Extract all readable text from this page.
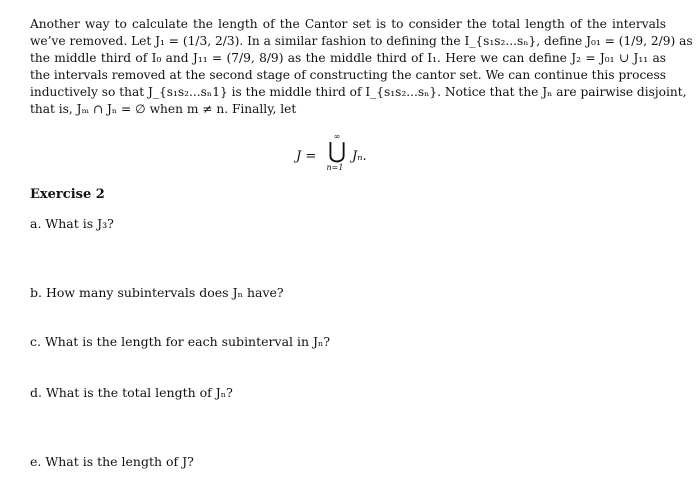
Another way to calculate the length of the Cantor set is to consider the total length of the intervals
we’ve removed. Let J₁ = (1/3, 2/3). In a similar fashion to defining the I_{s₁s₂...sₙ}, define J₀₁ = (1/9, 2/9) as
the middle third of I₀ and J₁₁ = (7/9, 8/9) as the middle third of I₁. Here we can define J₂ = J₀₁ ∪ J₁₁ as
the intervals removed at the second stage of constructing the cantor set. We can continue this process
inductively so that J_{s₁s₂...sₙ1} is the middle third of I_{s₁s₂...sₙ}. Notice that the Jₙ are pairwise disjoint,
that is, Jₘ ∩ Jₙ = ∅ when m ≠ n. Finally, let
J =
∞
⋃
n=1
Jₙ.
Exercise 2

a. What is J₃?

b. How many subintervals does Jₙ have?

c. What is the length for each subinterval in Jₙ?

d. What is the total length of Jₙ?

e. What is the length of J?
